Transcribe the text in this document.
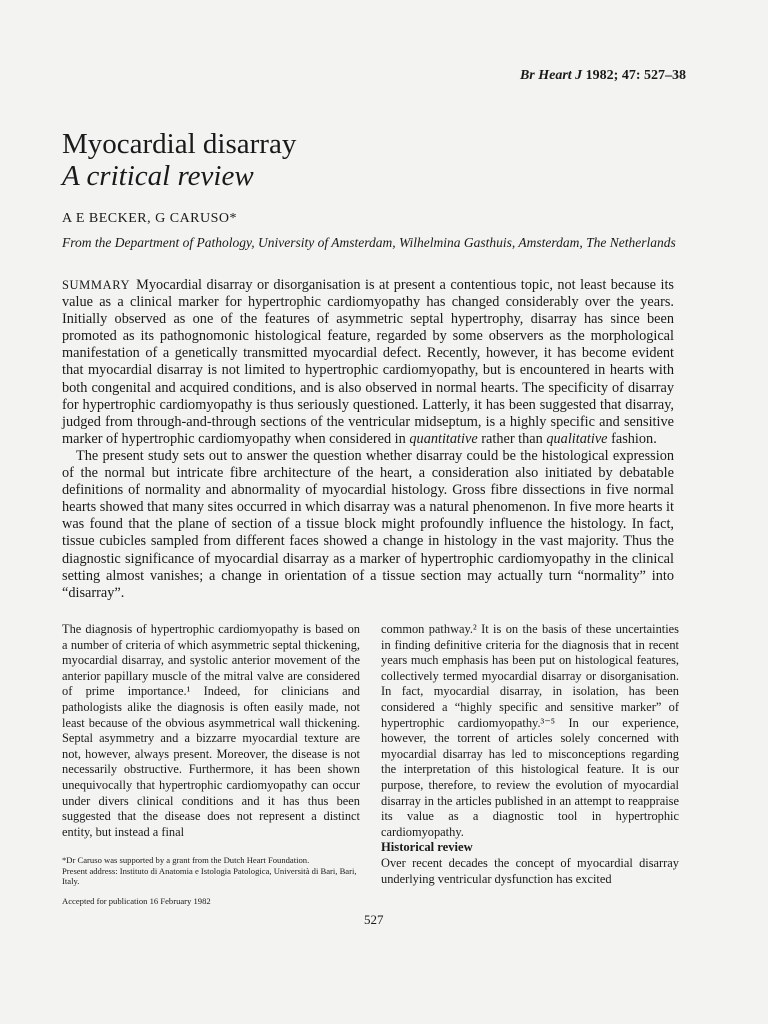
Br Heart J 1982; 47: 527–38
Myocardial disarray

A critical review

A E BECKER, G CARUSO*
From the Department of Pathology, University of Amsterdam, Wilhelmina Gasthuis, Amsterdam, The Netherlands

SUMMARY Myocardial disarray or disorganisation is at present a contentious topic, not least because its value as a clinical marker for hypertrophic cardiomyopathy has changed considerably over the years. Initially observed as one of the features of asymmetric septal hypertrophy, disarray has since been promoted as its pathognomonic histological feature, regarded by some observers as the morphological manifestation of a genetically transmitted myocardial defect. Recently, however, it has become evident that myocardial disarray is not limited to hypertrophic cardiomyopathy, but is encountered in hearts with both congenital and acquired conditions, and is also observed in normal hearts. The specificity of disarray for hypertrophic cardiomyopathy is thus seriously questioned. Latterly, it has been suggested that disarray, judged from through-and-through sections of the ventricular midseptum, is a highly specific and sensitive marker of hypertrophic cardiomyopathy when considered in quantitative rather than qualitative fashion.

The present study sets out to answer the question whether disarray could be the histological expression of the normal but intricate fibre architecture of the heart, a consideration also initiated by debatable definitions of normality and abnormality of myocardial histology. Gross fibre dissections in five normal hearts showed that many sites occurred in which disarray was a natural phenomenon. In five more hearts it was found that the plane of section of a tissue block might profoundly influence the histology. In fact, tissue cubicles sampled from different faces showed a change in histology in the vast majority. Thus the diagnostic significance of myocardial disarray as a marker of hypertrophic cardiomyopathy in the clinical setting almost vanishes; a change in orientation of a tissue section may actually turn “normality” into “disarray”.

The diagnosis of hypertrophic cardiomyopathy is based on a number of criteria of which asymmetric septal thickening, myocardial disarray, and systolic anterior movement of the anterior papillary muscle of the mitral valve are considered of prime importance.¹ Indeed, for clinicians and pathologists alike the diagnosis is often easily made, not least because of the obvious asymmetrical wall thickening. Septal asymmetry and a bizzarre myocardial texture are not, however, always present. Moreover, the disease is not necessarily obstructive. Furthermore, it has been shown unequivocally that hypertrophic cardiomyopathy can occur under divers clinical conditions and it has thus been suggested that the disease does not represent a distinct entity, but instead a final

common pathway.² It is on the basis of these uncertainties in finding definitive criteria for the diagnosis that in recent years much emphasis has been put on histological features, collectively termed myocardial disarray or disorganisation. In fact, myocardial disarray, in isolation, has been considered a “highly specific and sensitive marker” of hypertrophic cardiomyopathy.³⁻⁵ In our experience, however, the torrent of articles solely concerned with myocardial disarray has led to misconceptions regarding the interpretation of this histological feature. It is our purpose, therefore, to review the evolution of myocardial disarray in the articles published in an attempt to reappraise its value as a diagnostic tool in hypertrophic cardiomyopathy.

Historical review

Over recent decades the concept of myocardial disarray underlying ventricular dysfunction has excited

*Dr Caruso was supported by a grant from the Dutch Heart Foundation.

Present address: Instituto di Anatomia e Istologia Patologica, Università di Bari, Bari, Italy.

Accepted for publication 16 February 1982
527
